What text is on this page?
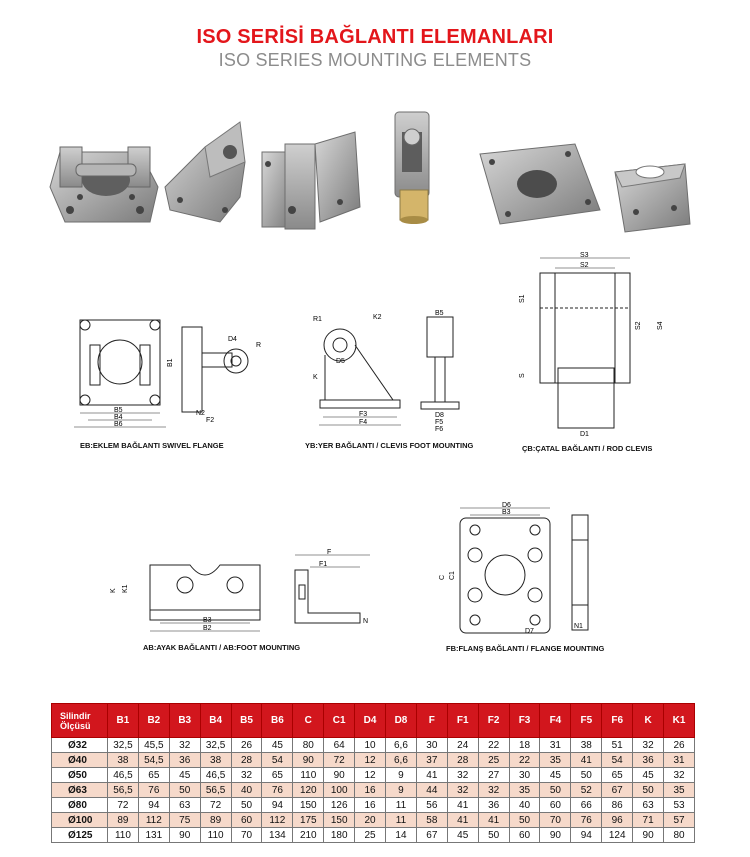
ISO SERİSİ BAĞLANTI ELEMANLARI
ISO SERIES MOUNTING ELEMENTS
B5
B4
B6
B1
D4
R
N2
F2
EB:EKLEM BAĞLANTI SWIVEL FLANGE
R1	K2
K
D5
F3
F4
B5
D8
F5
F6
YB:YER BAĞLANTI / CLEVIS FOOT MOUNTING
S3
S2
S1
S
S2 S4
D1
ÇB:ÇATAL BAĞLANTI / ROD CLEVIS
B3
B2
K K1
F
F1
N
AB:AYAK BAĞLANTI / AB:FOOT MOUNTING
D6
B3
C C1
D7
N1
FB:FLANŞ BAĞLANTI / FLANGE MOUNTING
Silindir Ölçüsü	B1	B2	B3	B4	B5	B6	C	C1	D4	D8	F	F1	F2	F3	F4	F5	F6	K	K1
Ø32	32,5	45,5	32	32,5	26	45	80	64	10	6,6	30	24	22	18	31	38	51	32	26
Ø40	38	54,5	36	38	28	54	90	72	12	6,6	37	28	25	22	35	41	54	36	31
Ø50	46,5	65	45	46,5	32	65	110	90	12	9	41	32	27	30	45	50	65	45	32
Ø63	56,5	76	50	56,5	40	76	120	100	16	9	44	32	32	35	50	52	67	50	35
Ø80	72	94	63	72	50	94	150	126	16	11	56	41	36	40	60	66	86	63	53
Ø100	89	112	75	89	60	112	175	150	20	11	58	41	41	50	70	76	96	71	57
Ø125	110	131	90	110	70	134	210	180	25	14	67	45	50	60	90	94	124	90	80
